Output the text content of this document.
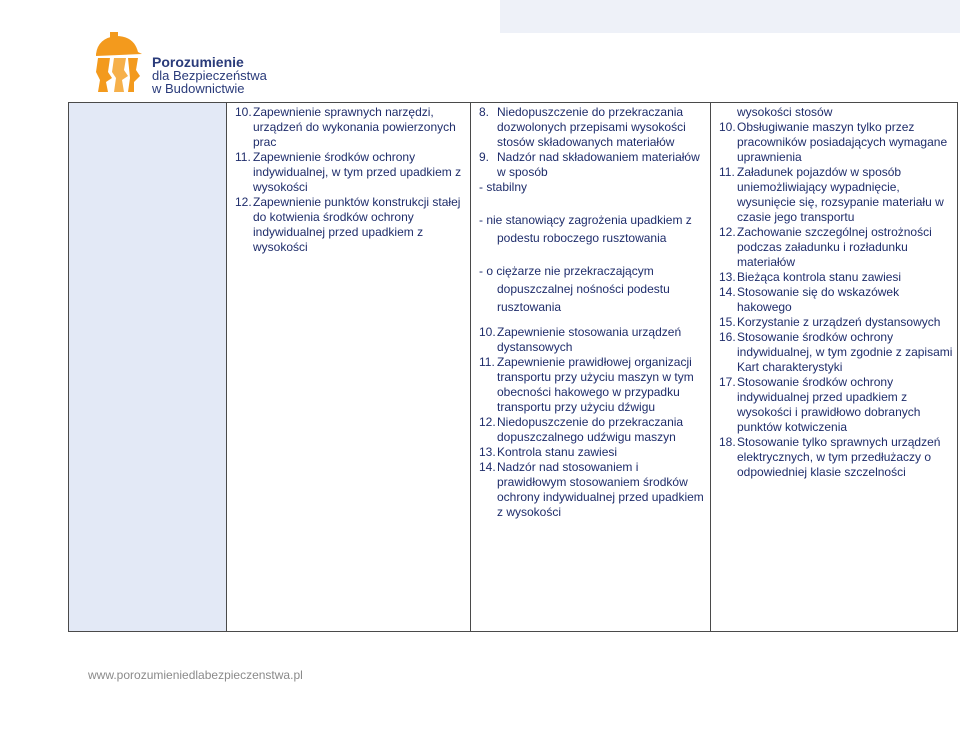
Porozumienie
dla Bezpieczeństwa
w Budownictwie
10. Zapewnienie sprawnych narzędzi, urządzeń do wykonania powierzonych prac
11. Zapewnienie środków ochrony indywidualnej, w tym przed upadkiem z wysokości
12. Zapewnienie punktów konstrukcji stałej do kotwienia środków ochrony indywidualnej przed upadkiem z wysokości
8. Niedopuszczenie do przekraczania dozwolonych przepisami wysokości stosów składowanych materiałów
9. Nadzór nad składowaniem materiałów w sposób
- stabilny
- nie stanowiący zagrożenia upadkiem z
podestu roboczego rusztowania
- o ciężarze nie przekraczającym
dopuszczalnej nośności podestu
rusztowania
10. Zapewnienie stosowania urządzeń dystansowych
11. Zapewnienie prawidłowej organizacji transportu przy użyciu maszyn w tym obecności hakowego w przypadku transportu przy użyciu dźwigu
12. Niedopuszczenie do przekraczania dopuszczalnego udźwigu maszyn
13. Kontrola stanu zawiesi
14. Nadzór nad stosowaniem i prawidłowym stosowaniem środków ochrony indywidualnej przed upadkiem z wysokości
wysokości stosów
10. Obsługiwanie maszyn tylko przez pracowników posiadających wymagane uprawnienia
11. Załadunek pojazdów w sposób uniemożliwiający wypadnięcie, wysunięcie się, rozsypanie materiału w czasie jego transportu
12. Zachowanie szczególnej ostrożności podczas załadunku i rozładunku materiałów
13. Bieżąca kontrola stanu zawiesi
14. Stosowanie się do wskazówek hakowego
15. Korzystanie z urządzeń dystansowych
16. Stosowanie środków ochrony indywidualnej, w tym zgodnie z zapisami Kart charakterystyki
17. Stosowanie środków ochrony indywidualnej przed upadkiem z wysokości i prawidłowo dobranych punktów kotwiczenia
18. Stosowanie tylko sprawnych urządzeń elektrycznych, w tym przedłużaczy o odpowiedniej klasie szczelności
www.porozumieniedlabezpieczenstwa.pl
